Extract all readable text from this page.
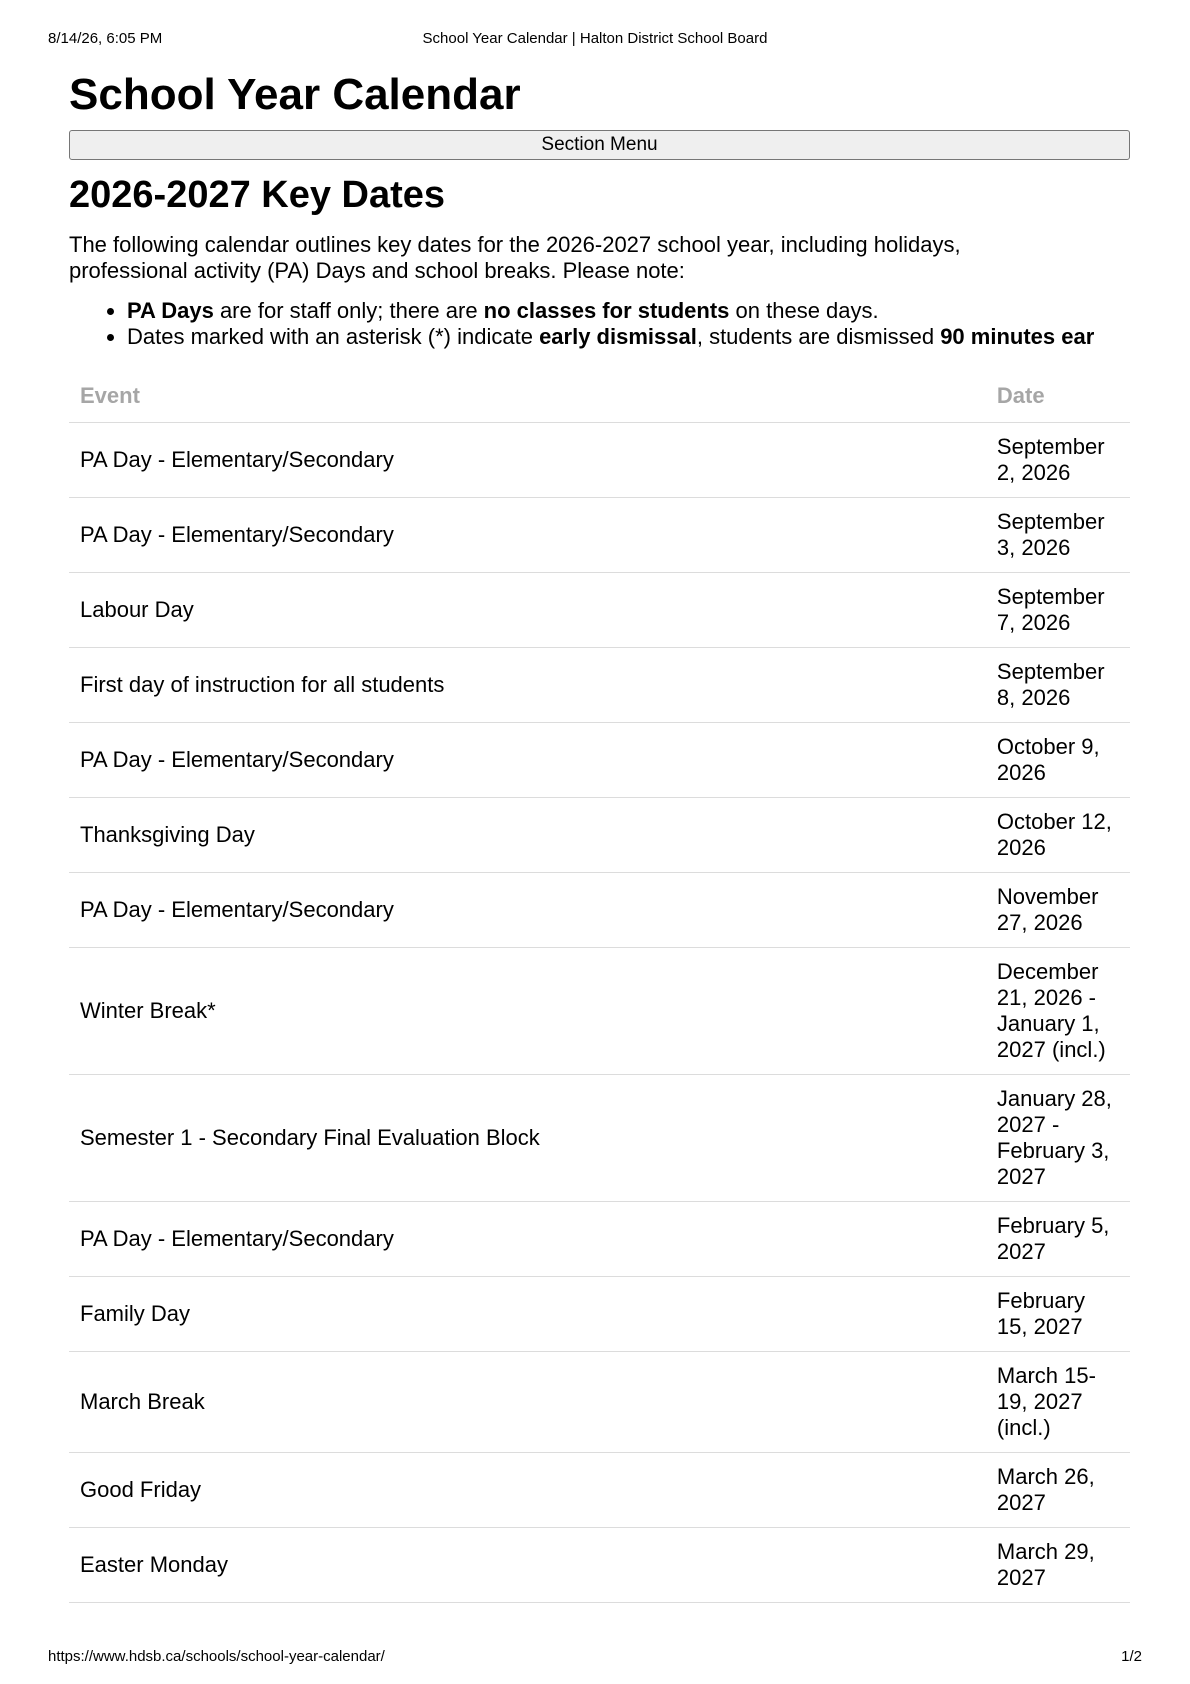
8/14/26, 6:05 PM	School Year Calendar | Halton District School Board
School Year Calendar
Section Menu
2026-2027 Key Dates

The following calendar outlines key dates for the 2026-2027 school year, including holidays, professional activity (PA) Days and school breaks. Please note:

• PA Days are for staff only; there are no classes for students on these days.
• Dates marked with an asterisk (*) indicate early dismissal, students are dismissed 90 minutes ear
Event	Date
PA Day - Elementary/Secondary	September 2, 2026
PA Day - Elementary/Secondary	September 3, 2026
Labour Day	September 7, 2026
First day of instruction for all students	September 8, 2026
PA Day - Elementary/Secondary	October 9, 2026
Thanksgiving Day	October 12, 2026
PA Day - Elementary/Secondary	November 27, 2026
Winter Break*	December 21, 2026 - January 1, 2027 (incl.)
Semester 1 - Secondary Final Evaluation Block	January 28, 2027 - February 3, 2027
PA Day - Elementary/Secondary	February 5, 2027
Family Day	February 15, 2027
March Break	March 15-19, 2027 (incl.)
Good Friday	March 26, 2027
Easter Monday	March 29, 2027
https://www.hdsb.ca/schools/school-year-calendar/	1/2
